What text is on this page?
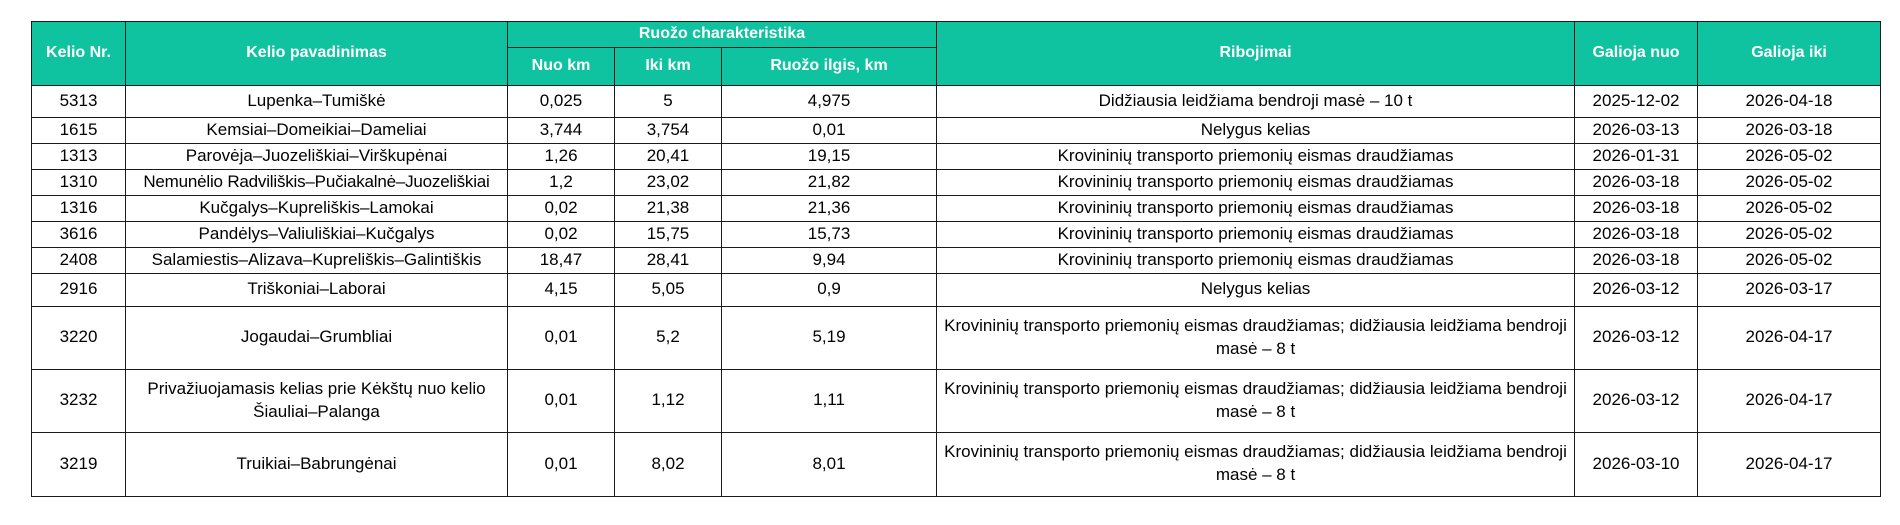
Kelio Nr.	Kelio pavadinimas	Ruožo charakteristika			Ribojimai	Galioja nuo	Galioja iki
		Nuo km	Iki km	Ruožo ilgis, km			
5313	Lupenka–Tumiškė	0,025	5	4,975	Didžiausia leidžiama bendroji masė – 10 t	2025-12-02	2026-04-18
1615	Kemsiai–Domeikiai–Dameliai	3,744	3,754	0,01	Nelygus kelias	2026-03-13	2026-03-18
1313	Parovėja–Juozeliškiai–Virškupėnai	1,26	20,41	19,15	Krovininių transporto priemonių eismas draudžiamas	2026-01-31	2026-05-02
1310	Nemunėlio Radviliškis–Pučiakalnė–Juozeliškiai	1,2	23,02	21,82	Krovininių transporto priemonių eismas draudžiamas	2026-03-18	2026-05-02
1316	Kučgalys–Kupreliškis–Lamokai	0,02	21,38	21,36	Krovininių transporto priemonių eismas draudžiamas	2026-03-18	2026-05-02
3616	Pandėlys–Valiuliškiai–Kučgalys	0,02	15,75	15,73	Krovininių transporto priemonių eismas draudžiamas	2026-03-18	2026-05-02
2408	Salamiestis–Alizava–Kupreliškis–Galintiškis	18,47	28,41	9,94	Krovininių transporto priemonių eismas draudžiamas	2026-03-18	2026-05-02
2916	Triškoniai–Laborai	4,15	5,05	0,9	Nelygus kelias	2026-03-12	2026-03-17
3220	Jogaudai–Grumbliai	0,01	5,2	5,19	Krovininių transporto priemonių eismas draudžiamas; didžiausia leidžiama bendroji masė – 8 t	2026-03-12	2026-04-17
3232	Privažiuojamasis kelias prie Kėkštų nuo kelio Šiauliai–Palanga	0,01	1,12	1,11	Krovininių transporto priemonių eismas draudžiamas; didžiausia leidžiama bendroji masė – 8 t	2026-03-12	2026-04-17
3219	Truikiai–Babrungėnai	0,01	8,02	8,01	Krovininių transporto priemonių eismas draudžiamas; didžiausia leidžiama bendroji masė – 8 t	2026-03-10	2026-04-17
